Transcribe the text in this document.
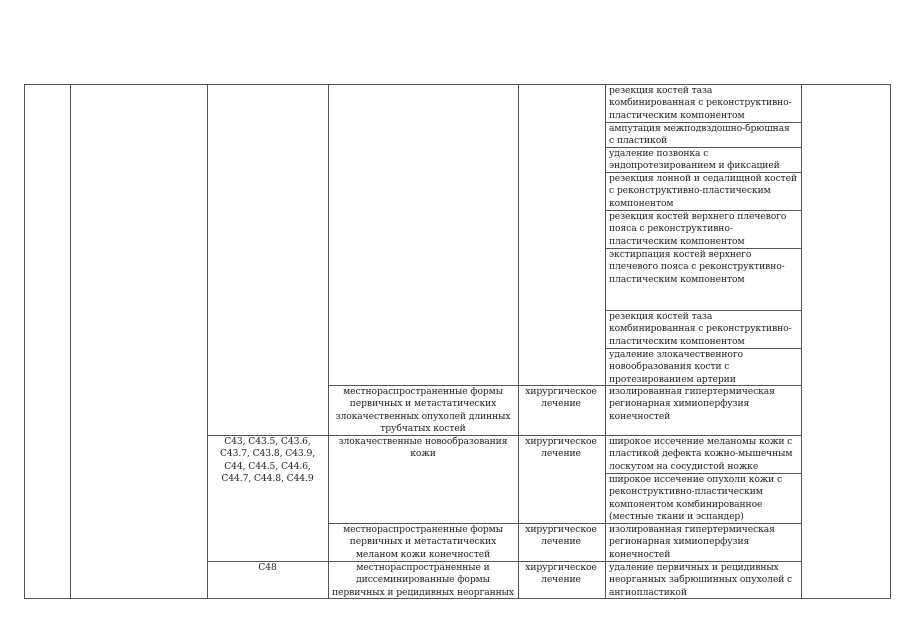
резекция костей таза комбинированная с реконструктивно-пластическим компонентом
ампутация межподвздошно-брюшная с пластикой
удаление позвонка с эндопротезированием и фиксацией
резекция лонной и седалищной костей с реконструктивно-пластическим компонентом
резекция костей верхнего плечевого пояса с реконструктивно-пластическим компонентом
экстирпация костей верхнего плечевого пояса с реконструктивно-пластическим компонентом
резекция костей таза комбинированная с реконструктивно-пластическим компонентом
удаление злокачественного новообразования кости с протезированием артерии
местнораспространенные формы первичных и метастатических злокачественных опухолей длинных трубчатых костей
хирургическое лечение
изолированная гипертермическая регионарная химиоперфузия конечностей
C43, C43.5, C43.6, C43.7, C43.8, C43.9, C44, C44.5, C44.6, C44.7, C44.8, C44.9
злокачественные новообразования кожи
хирургическое лечение
широкое иссечение меланомы кожи с пластикой дефекта кожно-мышечным лоскутом на сосудистой ножке
широкое иссечение опухоли кожи с реконструктивно-пластическим компонентом комбинированное (местные ткани и эспандер)
местнораспространенные формы первичных и метастатических меланом кожи конечностей
хирургическое лечение
изолированная гипертермическая регионарная химиоперфузия конечностей
C48	местнораспространенные и диссеминированные формы первичных и рецидивных неорганных
хирургическое лечение
удаление первичных и рецидивных неорганных забрюшинных опухолей с ангиопластикой
